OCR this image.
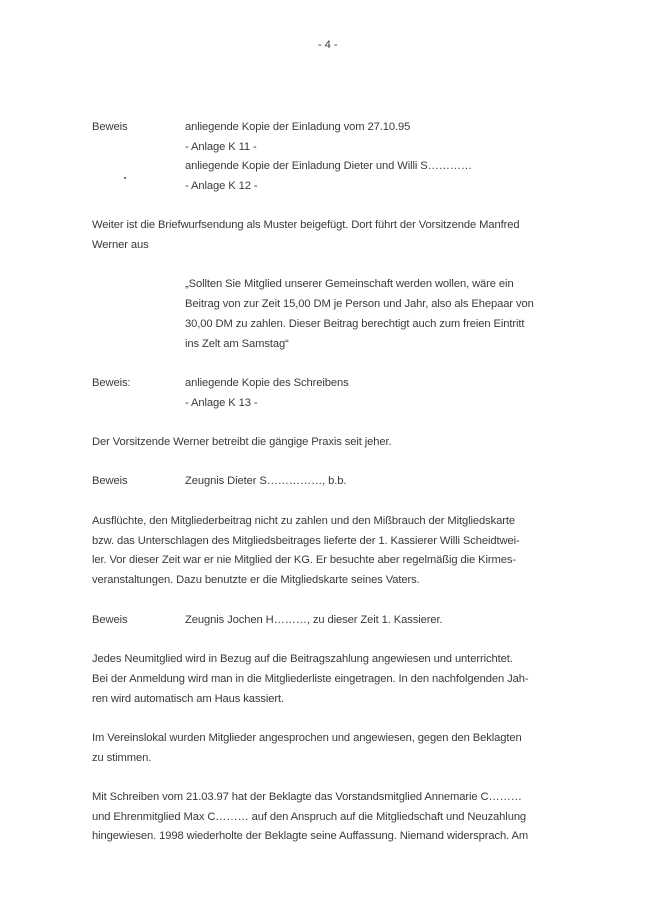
- 4 -
Beweis	anliegende Kopie der Einladung vom 27.10.95
- Anlage K 11 -
anliegende Kopie der Einladung Dieter und Willi S…………
- Anlage K 12 -
Weiter ist die Briefwurfsendung als Muster beigefügt. Dort führt der Vorsitzende Manfred
Werner aus
„Sollten Sie Mitglied unserer Gemeinschaft werden wollen, wäre ein
Beitrag von zur Zeit 15,00 DM je Person und Jahr, also als Ehepaar von
30,00 DM zu zahlen. Dieser Beitrag berechtigt auch zum freien Eintritt
ins Zelt am Samstag“
Beweis:	anliegende Kopie des Schreibens
- Anlage K 13 -
Der Vorsitzende Werner betreibt die gängige Praxis seit jeher.
Beweis	Zeugnis Dieter S……………, b.b.
Ausflüchte, den Mitgliederbeitrag nicht zu zahlen und den Mißbrauch der Mitgliedskarte
bzw. das Unterschlagen des Mitgliedsbeitrages lieferte der 1. Kassierer Willi Scheidtwei-
ler. Vor dieser Zeit war er nie Mitglied der KG. Er besuchte aber regelmäßig die Kirmes-
veranstaltungen. Dazu benutzte er die Mitgliedskarte seines Vaters.
Beweis	Zeugnis Jochen H………, zu dieser Zeit 1. Kassierer.
Jedes Neumitglied wird in Bezug auf die Beitragszahlung angewiesen und unterrichtet.
Bei der Anmeldung wird man in die Mitgliederliste eingetragen. In den nachfolgenden Jah-
ren wird automatisch am Haus kassiert.
Im Vereinslokal wurden Mitglieder angesprochen und angewiesen, gegen den Beklagten
zu stimmen.
Mit Schreiben vom 21.03.97 hat der Beklagte das Vorstandsmitglied Annemarie C………
und Ehrenmitglied Max C……… auf den Anspruch auf die Mitgliedschaft und Neuzahlung
hingewiesen. 1998 wiederholte der Beklagte seine Auffassung. Niemand widersprach. Am
